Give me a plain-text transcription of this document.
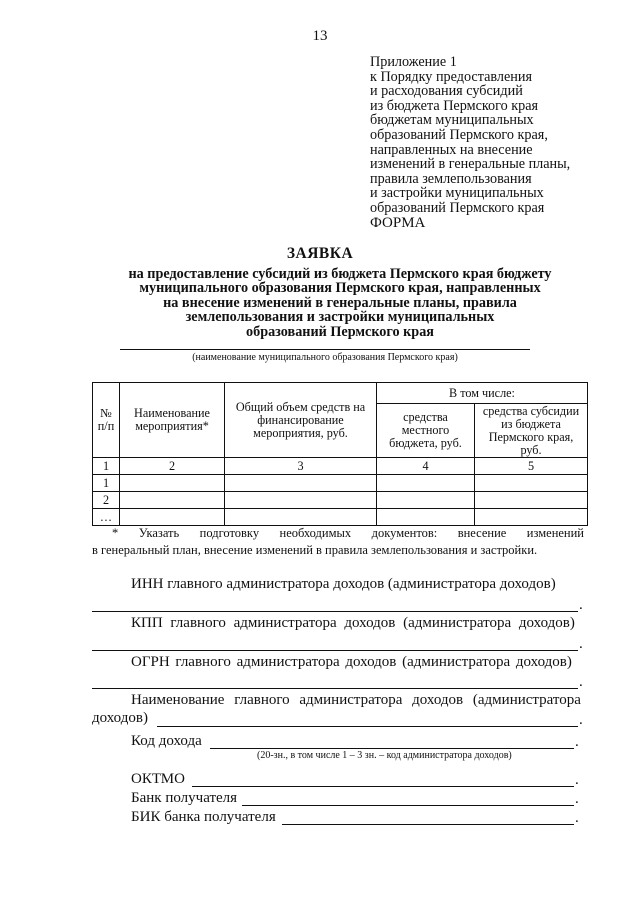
13
Приложение 1
к Порядку предоставления
и расходования субсидий
из бюджета Пермского края
бюджетам муниципальных
образований Пермского края,
направленных на внесение
изменений в генеральные планы,
правила землепользования
и застройки муниципальных
образований Пермского края
ФОРМА
ЗАЯВКА
на предоставление субсидий из бюджета Пермского края бюджету
муниципального образования Пермского края, направленных
на внесение изменений в генеральные планы, правила
землепользования и застройки муниципальных
образований Пермского края
(наименование муниципального образования Пермского края)
№ п/п	Наименование мероприятия*	Общий объем средств на финансирование мероприятия, руб.	В том числе:	
			средства местного бюджета, руб.	средства субсидии из бюджета Пермского края, руб.
1	2	3	4	5
1				
2				
…				
* Указать подготовку необходимых документов: внесение изменений
в генеральный план, внесение изменений в правила землепользования и застройки.
ИНН главного администратора доходов (администратора доходов)
.
КПП главного администратора доходов (администратора доходов)
.
ОГРН главного администратора доходов (администратора доходов)
.
Наименование главного администратора доходов (администратора
доходов)	.
Код дохода	.
(20-зн., в том числе 1 – 3 зн. – код администратора доходов)
ОКТМО	.
Банк получателя	.
БИК банка получателя	.
